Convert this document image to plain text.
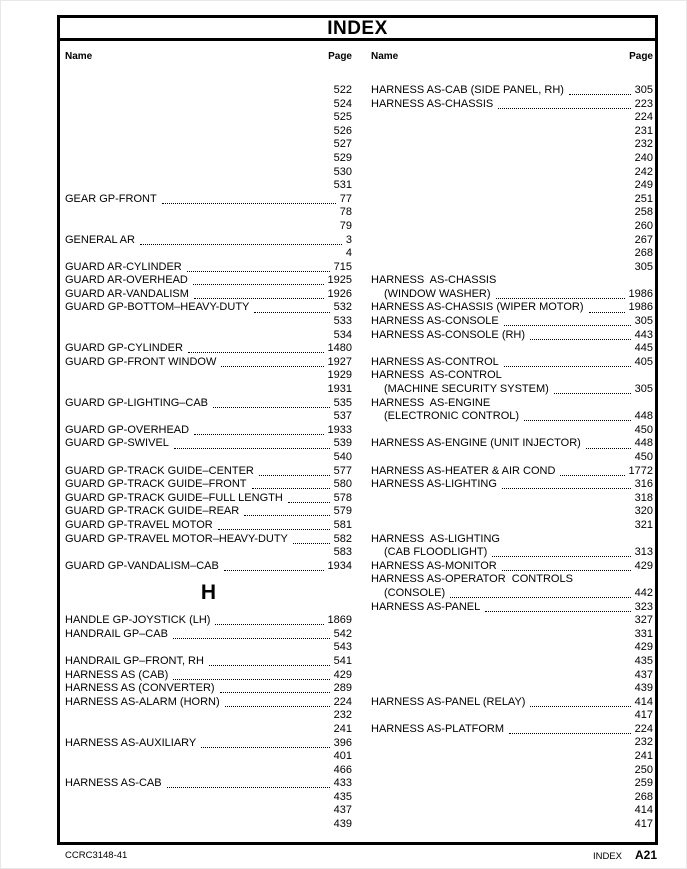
INDEX
Name	Page
522
524
525
526
527
529
530
531
GEAR GP-FRONT	77
78
79
GENERAL AR	3
4
GUARD AR-CYLINDER	715
GUARD AR-OVERHEAD	1925
GUARD AR-VANDALISM	1926
GUARD GP-BOTTOM–HEAVY-DUTY	532
533
534
GUARD GP-CYLINDER	1480
GUARD GP-FRONT WINDOW	1927
1929
1931
GUARD GP-LIGHTING–CAB	535
537
GUARD GP-OVERHEAD	1933
GUARD GP-SWIVEL	539
540
GUARD GP-TRACK GUIDE–CENTER	577
GUARD GP-TRACK GUIDE–FRONT	580
GUARD GP-TRACK GUIDE–FULL LENGTH	578
GUARD GP-TRACK GUIDE–REAR	579
GUARD GP-TRAVEL MOTOR	581
GUARD GP-TRAVEL MOTOR–HEAVY-DUTY	582
583
GUARD GP-VANDALISM–CAB	1934
H
HANDLE GP-JOYSTICK (LH)	1869
HANDRAIL GP–CAB	542
543
HANDRAIL GP–FRONT, RH	541
HARNESS AS (CAB)	429
HARNESS AS (CONVERTER)	289
HARNESS AS-ALARM (HORN)	224
232
241
HARNESS AS-AUXILIARY	396
401
466
HARNESS AS-CAB	433
435
437
439
Name	Page
HARNESS AS-CAB (SIDE PANEL, RH)	305
HARNESS AS-CHASSIS	223
224
231
232
240
242
249
251
258
260
267
268
305
HARNESS  AS-CHASSIS
(WINDOW WASHER)	1986
HARNESS AS-CHASSIS (WIPER MOTOR)	1986
HARNESS AS-CONSOLE	305
HARNESS AS-CONSOLE (RH)	443
445
HARNESS AS-CONTROL	405
HARNESS  AS-CONTROL
(MACHINE SECURITY SYSTEM)	305
HARNESS  AS-ENGINE
(ELECTRONIC CONTROL)	448
450
HARNESS AS-ENGINE (UNIT INJECTOR)	448
450
HARNESS AS-HEATER & AIR COND	1772
HARNESS AS-LIGHTING	316
318
320
321
HARNESS  AS-LIGHTING
(CAB FLOODLIGHT)	313
HARNESS AS-MONITOR	429
HARNESS AS-OPERATOR  CONTROLS
(CONSOLE)	442
HARNESS AS-PANEL	323
327
331
429
435
437
439
HARNESS AS-PANEL (RELAY)	414
417
HARNESS AS-PLATFORM	224
232
241
250
259
268
414
417
CCRC3148-41	INDEX A21
